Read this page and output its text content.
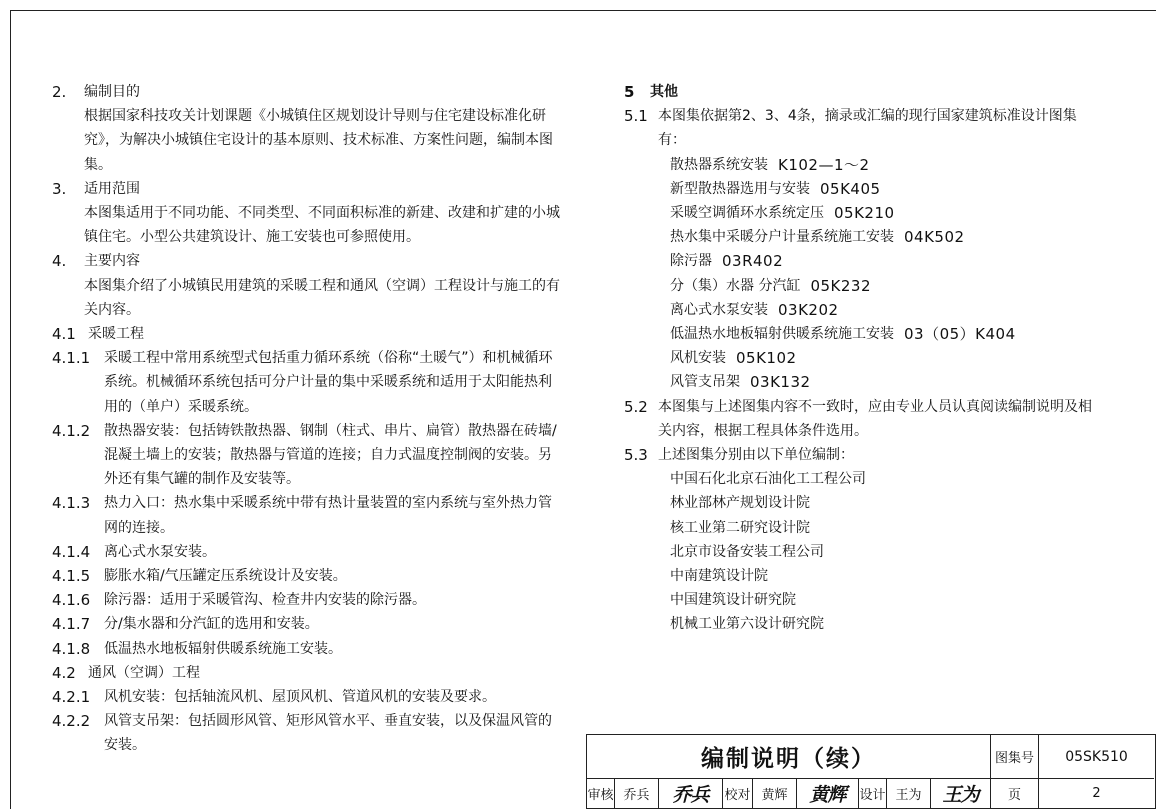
2.	编制目的
根据国家科技攻关计划课题《小城镇住区规划设计导则与住宅建设标准化研究》，为解决小城镇住宅设计的基本原则、技术标准、方案性问题，编制本图集。
3.	适用范围
本图集适用于不同功能、不同类型、不同面积标准的新建、改建和扩建的小城镇住宅。小型公共建筑设计、施工安装也可参照使用。
4.	主要内容
本图集介绍了小城镇民用建筑的采暖工程和通风（空调）工程设计与施工的有关内容。
4.1 采暖工程
4.1.1 采暖工程中常用系统型式包括重力循环系统（俗称“土暖气”）和机械循环系统。机械循环系统包括可分户计量的集中采暖系统和适用于太阳能热利用的（单户）采暖系统。
4.1.2 散热器安装：包括铸铁散热器、钢制（柱式、串片、扁管）散热器在砖墙/混凝土墙上的安装；散热器与管道的连接；自力式温度控制阀的安装。另外还有集气罐的制作及安装等。
4.1.3 热力入口：热水集中采暖系统中带有热计量装置的室内系统与室外热力管网的连接。
4.1.4 离心式水泵安装。
4.1.5 膨胀水箱/气压罐定压系统设计及安装。
4.1.6 除污器：适用于采暖管沟、检查井内安装的除污器。
4.1.7 分/集水器和分汽缸的选用和安装。
4.1.8 低温热水地板辐射供暖系统施工安装。
4.2 通风（空调）工程
4.2.1 风机安装：包括轴流风机、屋顶风机、管道风机的安装及要求。
4.2.2 风管支吊架：包括圆形风管、矩形风管水平、垂直安装，以及保温风管的安装。
5	其他
5.1 本图集依据第2、3、4条，摘录或汇编的现行国家建筑标准设计图集有：
散热器系统安装 K102—1～2
新型散热器选用与安装 05K405
采暖空调循环水系统定压 05K210
热水集中采暖分户计量系统施工安装 04K502
除污器 03R402
分（集）水器 分汽缸 05K232
离心式水泵安装 03K202
低温热水地板辐射供暖系统施工安装 03（05）K404
风机安装 05K102
风管支吊架 03K132
5.2 本图集与上述图集内容不一致时，应由专业人员认真阅读编制说明及相关内容，根据工程具体条件选用。
5.3 上述图集分别由以下单位编制：
中国石化北京石油化工工程公司
林业部林产规划设计院
核工业第二研究设计院
北京市设备安装工程公司
中南建筑设计院
中国建筑设计研究院
机械工业第六设计研究院
编制说明（续）	图集号	05SK510
审核 乔兵	乔兵 校对 黄辉	黄辉 设计 王为	王为	页	2
